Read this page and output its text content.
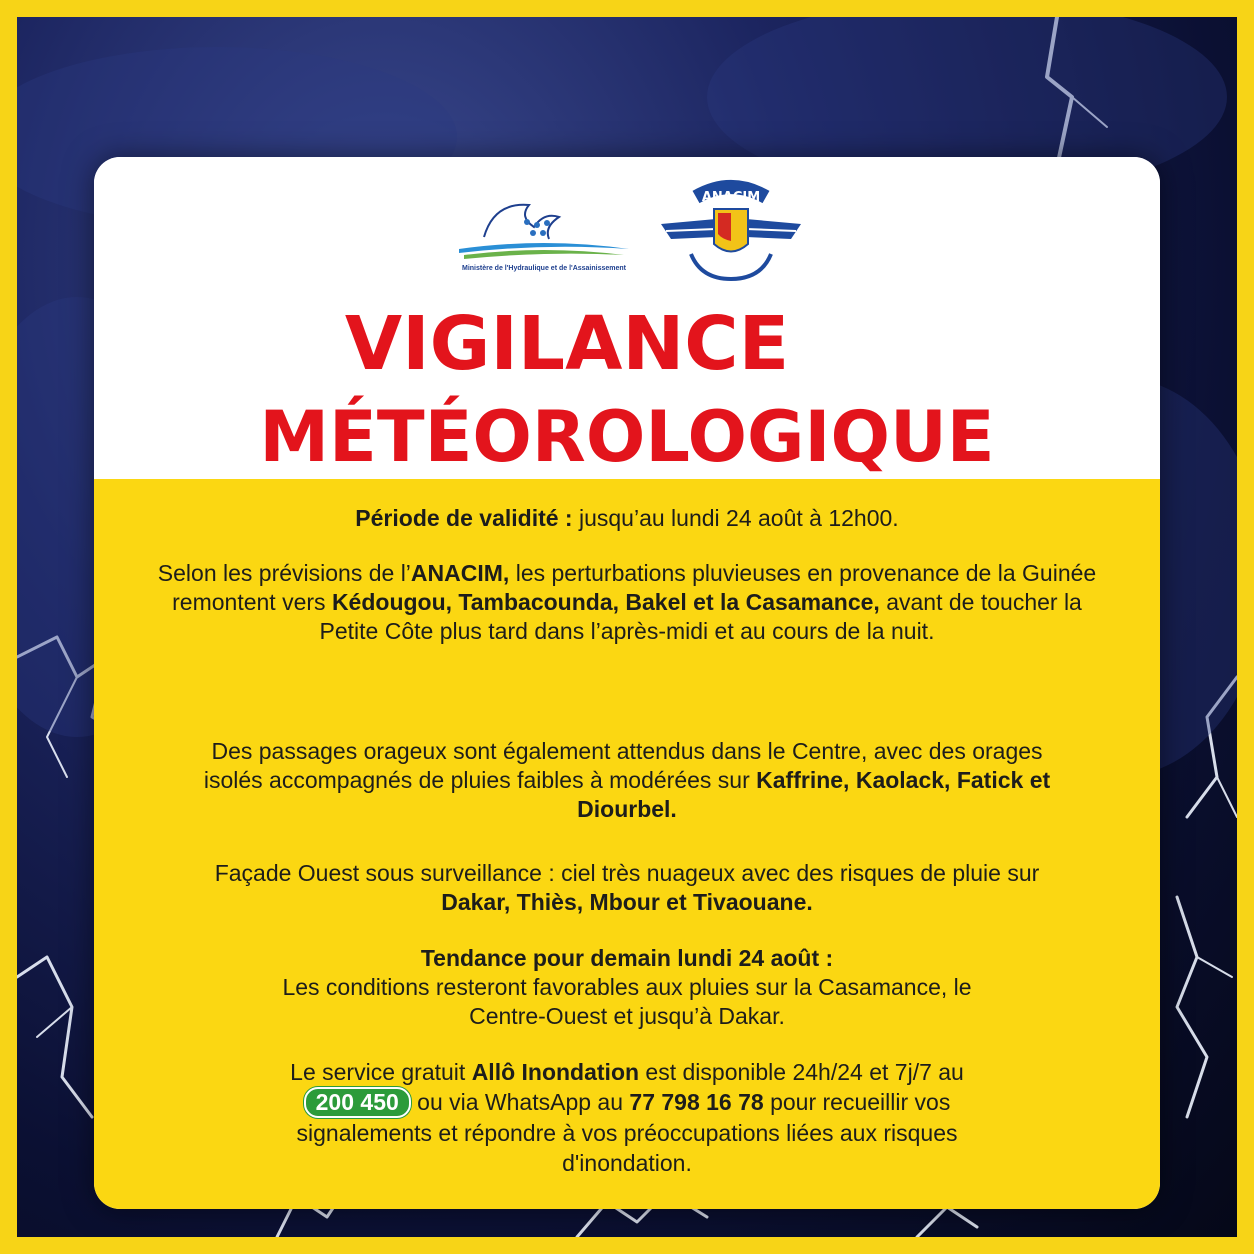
Ministère de l'Hydraulique et de l'Assainissement
ANACIM
VIGILANCE
MÉTÉOROLOGIQUE

Période de validité : jusqu’au lundi 24 août à 12h00.

Selon les prévisions de l’ANACIM, les perturbations pluvieuses en provenance de la Guinée remontent vers Kédougou, Tambacounda, Bakel et la Casamance, avant de toucher la Petite Côte plus tard dans l’après-midi et au cours de la nuit.

Des passages orageux sont également attendus dans le Centre, avec des orages isolés accompagnés de pluies faibles à modérées sur Kaffrine, Kaolack, Fatick et Diourbel.

Façade Ouest sous surveillance : ciel très nuageux avec des risques de pluie sur Dakar, Thiès, Mbour et Tivaouane.

Tendance pour demain lundi 24 août :

Les conditions resteront favorables aux pluies sur la Casamance, le Centre-Ouest et jusqu’à Dakar.

Le service gratuit Allô Inondation est disponible 24h/24 et 7j/7 au 200 450 ou via WhatsApp au 77 798 16 78 pour recueillir vos signalements et répondre à vos préoccupations liées aux risques d'inondation.
